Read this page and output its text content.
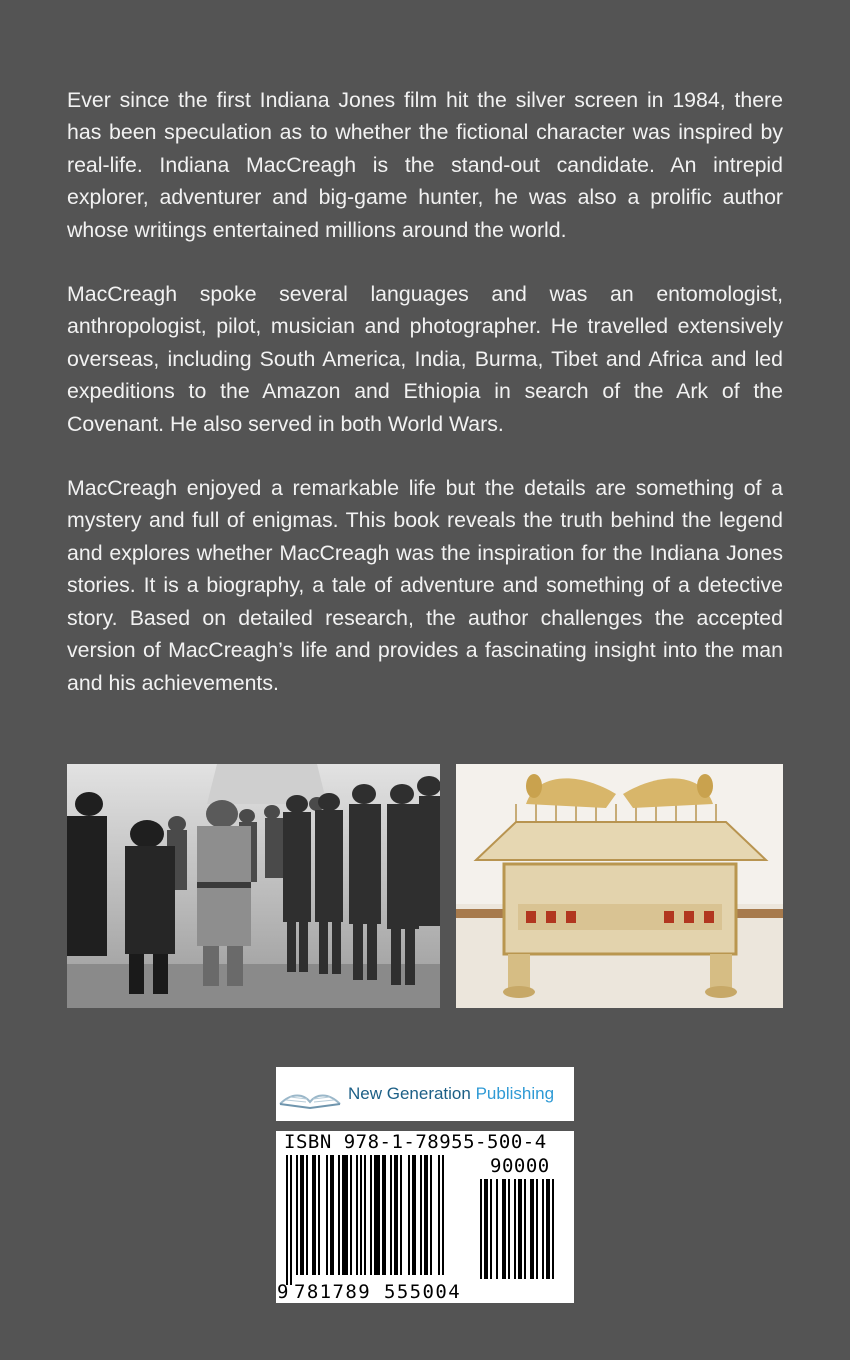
Ever since the first Indiana Jones film hit the silver screen in 1984, there has been speculation as to whether the fictional character was inspired by real-life. Indiana MacCreagh is the stand-out candidate. An intrepid explorer, adventurer and big-game hunter, he was also a prolific author whose writings entertained millions around the world.

MacCreagh spoke several languages and was an entomologist, anthropologist, pilot, musician and photographer. He travelled extensively overseas, including South America, India, Burma, Tibet and Africa and led expeditions to the Amazon and Ethiopia in search of the Ark of the Covenant. He also served in both World Wars.

MacCreagh enjoyed a remarkable life but the details are something of a mystery and full of enigmas. This book reveals the truth behind the legend and explores whether MacCreagh was the inspiration for the Indiana Jones stories. It is a biography, a tale of adventure and something of a detective story. Based on detailed research, the author challenges the accepted version of MacCreagh’s life and provides a fascinating insight into the man and his achievements.

New Generation Publishing
ISBN 978-1-78955-500-4
90000
9 781789 555004
